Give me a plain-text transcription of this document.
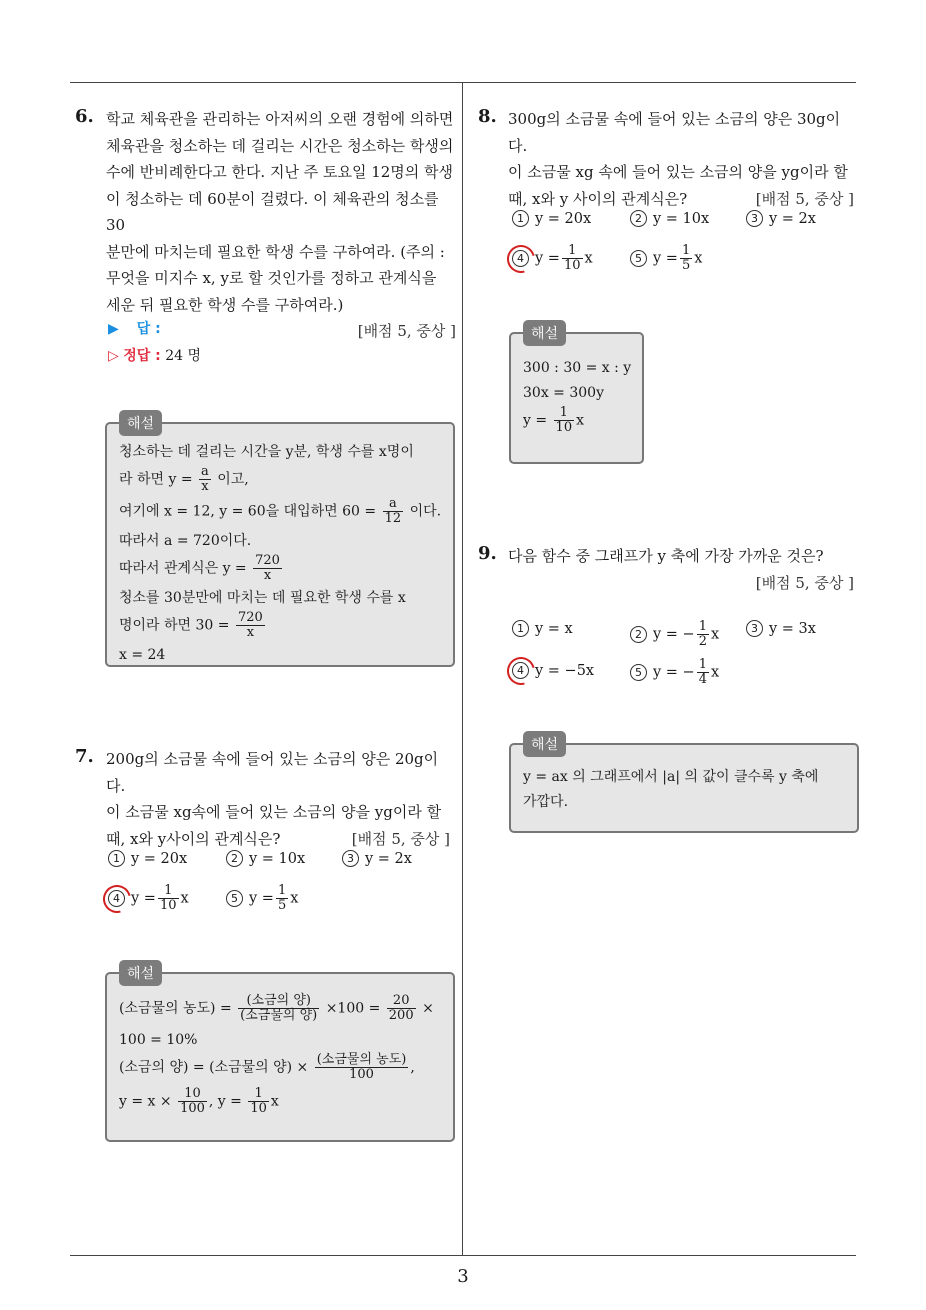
6. 학교 체육관을 관리하는 아저씨의 오랜 경험에 의하면
체육관을 청소하는 데 걸리는 시간은 청소하는 학생의
수에 반비례한다고 한다. 지난 주 토요일 12명의 학생
이 청소하는 데 60분이 걸렸다. 이 체육관의 청소를 30
분만에 마치는데 필요한 학생 수를 구하여라. (주의 :
무엇을 미지수 x, y로 할 것인가를 정하고 관계식을
세운 뒤 필요한 학생 수를 구하여라.)
[배점 5, 중상 ]
▶ 답 :
▷ 정답 : 24 명
해설
청소하는 데 걸리는 시간을 y분, 학생 수를 x명이
라 하면 $y = \frac{a}{x}$ 이고,
여기에 x = 12, y = 60을 대입하면 $60 = \frac{a}{12}$ 이다.
따라서 a = 720이다.
따라서 관계식은 $y = \frac{720}{x}$
청소를 30분만에 마치는 데 필요한 학생 수를 x
명이라 하면 $30 = \frac{720}{x}$
x = 24
7. 200g의 소금물 속에 들어 있는 소금의 양은 20g이다.
이 소금물 xg속에 들어 있는 소금의 양을 yg이라 할
때, x와 y사이의 관계식은?	[배점 5, 중상 ]
1 y = 20x	2 y = 10x	3 y = 2x
4 $y = \frac{1}{10}$ x	5 $y = \frac{1}{5}$ x
해설
(소금물의 농도) = $\frac{\text{(소금의 양)}}{\text{(소금물의 양)}} \times 100 = \frac{20}{200}$ ×
100 = 10%
(소금의 양) = (소금물의 양) × $\frac{\text{(소금물의 농도)}}{100}$ ,
$y = x \times \frac{10}{100}$ , $y = \frac{1}{10}$ x
8. 300g의 소금물 속에 들어 있는 소금의 양은 30g이다.
이 소금물 xg 속에 들어 있는 소금의 양을 yg이라 할
때, x와 y 사이의 관계식은?	[배점 5, 중상 ]
1 y = 20x	2 y = 10x	3 y = 2x
4 $y = \frac{1}{10}$ x	5 $y = \frac{1}{5}$ x
해설
300 : 30 = x : y
30x = 300y
$y = \frac{1}{10}$ x
9. 다음 함수 중 그래프가 y 축에 가장 가까운 것은?
[배점 5, 중상 ]
1 y = x	2 y = − $\frac{1}{2}$ x	3 y = 3x
4 y = −5x	5 y = − $\frac{1}{4}$ x
해설
y = ax 의 그래프에서 |a| 의 값이 클수록 y 축에
가깝다.
3
